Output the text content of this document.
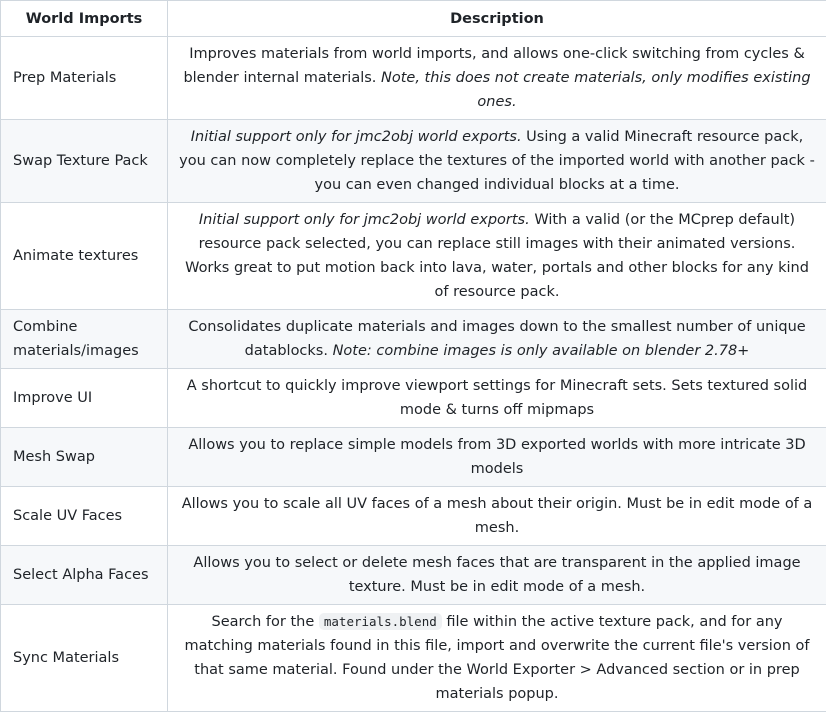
World Imports	Description
Prep Materials	Improves materials from world imports, and allows one-click switching from cycles & blender internal materials. Note, this does not create materials, only modifies existing ones.
Swap Texture Pack	Initial support only for jmc2obj world exports. Using a valid Minecraft resource pack, you can now completely replace the textures of the imported world with another pack - you can even changed individual blocks at a time.
Animate textures	Initial support only for jmc2obj world exports. With a valid (or the MCprep default) resource pack selected, you can replace still images with their animated versions. Works great to put motion back into lava, water, portals and other blocks for any kind of resource pack.
Combine materials/images	Consolidates duplicate materials and images down to the smallest number of unique datablocks. Note: combine images is only available on blender 2.78+
Improve UI	A shortcut to quickly improve viewport settings for Minecraft sets. Sets textured solid mode & turns off mipmaps
Mesh Swap	Allows you to replace simple models from 3D exported worlds with more intricate 3D models
Scale UV Faces	Allows you to scale all UV faces of a mesh about their origin. Must be in edit mode of a mesh.
Select Alpha Faces	Allows you to select or delete mesh faces that are transparent in the applied image texture. Must be in edit mode of a mesh.
Sync Materials	Search for the materials.blend file within the active texture pack, and for any matching materials found in this file, import and overwrite the current file's version of that same material. Found under the World Exporter > Advanced section or in prep materials popup.
